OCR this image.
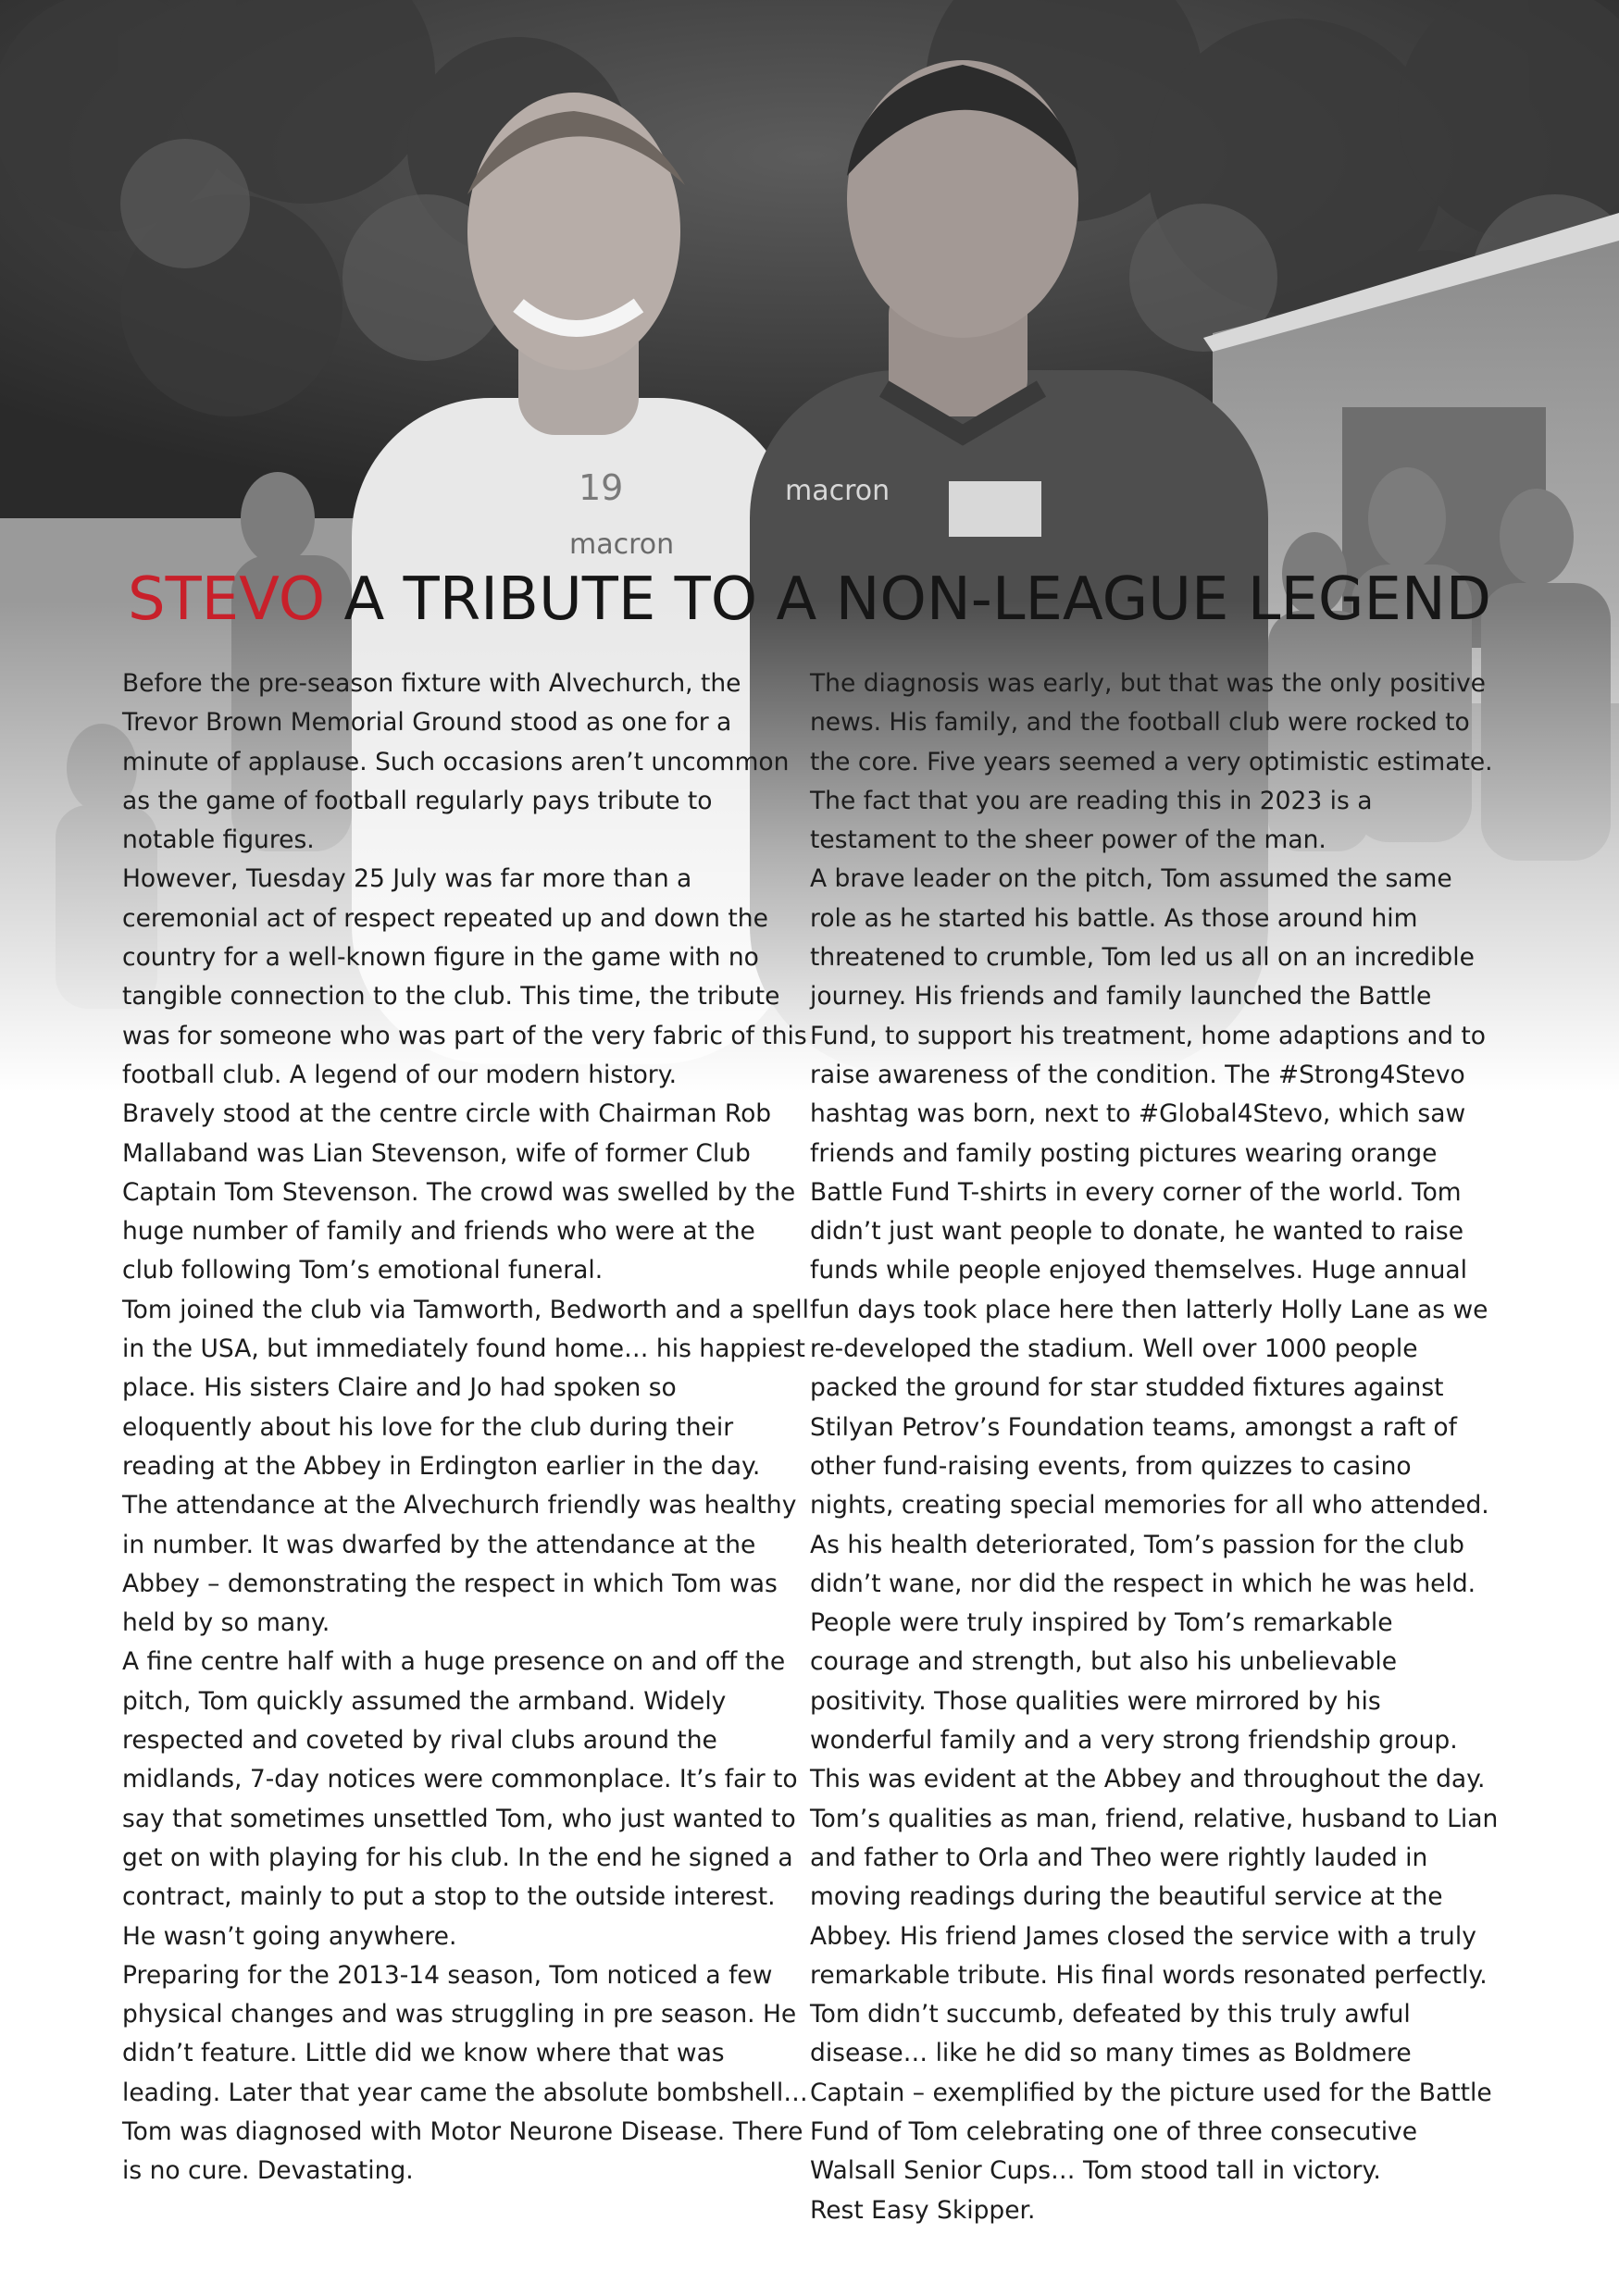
STEVO A TRIBUTE TO A NON-LEAGUE LEGEND

Before the pre-season fixture with Alvechurch, the Trevor Brown Memorial Ground stood as one for a minute of applause. Such occasions aren’t uncommon as the game of football regularly pays tribute to notable figures.

However, Tuesday 25 July was far more than a ceremonial act of respect repeated up and down the country for a well-known figure in the game with no tangible connection to the club. This time, the tribute was for someone who was part of the very fabric of this football club. A legend of our modern history.

Bravely stood at the centre circle with Chairman Rob Mallaband was Lian Stevenson, wife of former Club Captain Tom Stevenson. The crowd was swelled by the huge number of family and friends who were at the club following Tom’s emotional funeral.

Tom joined the club via Tamworth, Bedworth and a spell in the USA, but immediately found home… his happiest place. His sisters Claire and Jo had spoken so eloquently about his love for the club during their reading at the Abbey in Erdington earlier in the day.

The attendance at the Alvechurch friendly was healthy in number. It was dwarfed by the attendance at the Abbey – demonstrating the respect in which Tom was held by so many.

A fine centre half with a huge presence on and off the pitch, Tom quickly assumed the armband. Widely respected and coveted by rival clubs around the midlands, 7-day notices were commonplace. It’s fair to say that sometimes unsettled Tom, who just wanted to get on with playing for his club. In the end he signed a contract, mainly to put a stop to the outside interest. He wasn’t going anywhere.

Preparing for the 2013-14 season, Tom noticed a few physical changes and was struggling in pre season. He didn’t feature. Little did we know where that was leading. Later that year came the absolute bombshell… Tom was diagnosed with Motor Neurone Disease. There is no cure. Devastating.

The diagnosis was early, but that was the only positive news. His family, and the football club were rocked to the core. Five years seemed a very optimistic estimate. The fact that you are reading this in 2023 is a testament to the sheer power of the man.

A brave leader on the pitch, Tom assumed the same role as he started his battle. As those around him threatened to crumble, Tom led us all on an incredible journey. His friends and family launched the Battle Fund, to support his treatment, home adaptions and to raise awareness of the condition. The #Strong4Stevo hashtag was born, next to #Global4Stevo, which saw friends and family posting pictures wearing orange Battle Fund T-shirts in every corner of the world. Tom didn’t just want people to donate, he wanted to raise funds while people enjoyed themselves. Huge annual fun days took place here then latterly Holly Lane as we re-developed the stadium. Well over 1000 people packed the ground for star studded fixtures against Stilyan Petrov’s Foundation teams, amongst a raft of other fund-raising events, from quizzes to casino nights, creating special memories for all who attended.

As his health deteriorated, Tom’s passion for the club didn’t wane, nor did the respect in which he was held. People were truly inspired by Tom’s remarkable courage and strength, but also his unbelievable positivity. Those qualities were mirrored by his wonderful family and a very strong friendship group. This was evident at the Abbey and throughout the day.

Tom’s qualities as man, friend, relative, husband to Lian and father to Orla and Theo were rightly lauded in moving readings during the beautiful service at the Abbey. His friend James closed the service with a truly remarkable tribute. His final words resonated perfectly.

Tom didn’t succumb, defeated by this truly awful disease… like he did so many times as Boldmere Captain – exemplified by the picture used for the Battle Fund of Tom celebrating one of three consecutive Walsall Senior Cups… Tom stood tall in victory.

Rest Easy Skipper.
